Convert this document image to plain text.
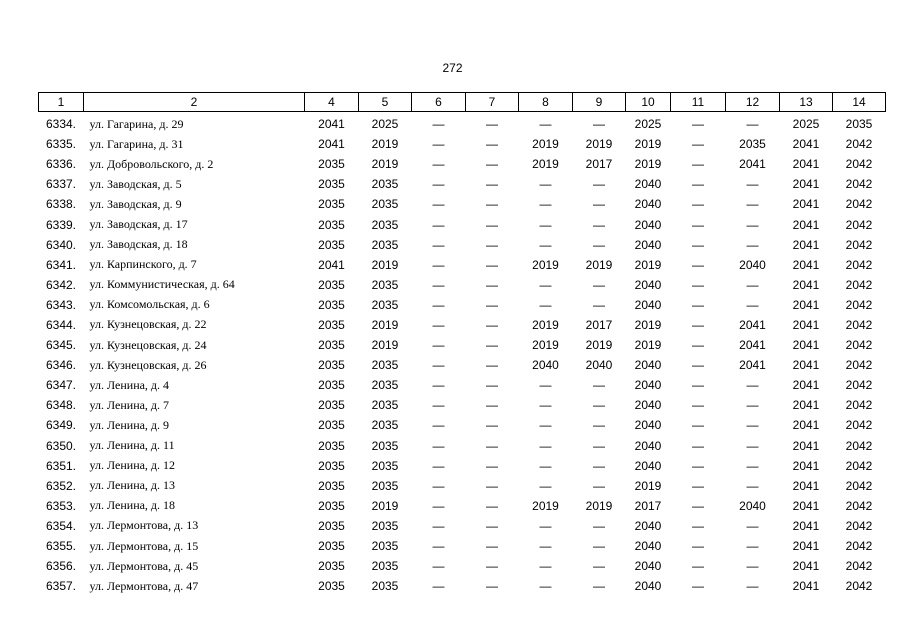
272
1	2	4	5	6	7	8	9	10	11	12	13	14
6334.	ул. Гагарина, д. 29	2041	2025	—	—	—	—	2025	—	—	2025	2035
6335.	ул. Гагарина, д. 31	2041	2019	—	—	2019	2019	2019	—	2035	2041	2042
6336.	ул. Добровольского, д. 2	2035	2019	—	—	2019	2017	2019	—	2041	2041	2042
6337.	ул. Заводская, д. 5	2035	2035	—	—	—	—	2040	—	—	2041	2042
6338.	ул. Заводская, д. 9	2035	2035	—	—	—	—	2040	—	—	2041	2042
6339.	ул. Заводская, д. 17	2035	2035	—	—	—	—	2040	—	—	2041	2042
6340.	ул. Заводская, д. 18	2035	2035	—	—	—	—	2040	—	—	2041	2042
6341.	ул. Карпинского, д. 7	2041	2019	—	—	2019	2019	2019	—	2040	2041	2042
6342.	ул. Коммунистическая, д. 64	2035	2035	—	—	—	—	2040	—	—	2041	2042
6343.	ул. Комсомольская, д. 6	2035	2035	—	—	—	—	2040	—	—	2041	2042
6344.	ул. Кузнецовская, д. 22	2035	2019	—	—	2019	2017	2019	—	2041	2041	2042
6345.	ул. Кузнецовская, д. 24	2035	2019	—	—	2019	2019	2019	—	2041	2041	2042
6346.	ул. Кузнецовская, д. 26	2035	2035	—	—	2040	2040	2040	—	2041	2041	2042
6347.	ул. Ленина, д. 4	2035	2035	—	—	—	—	2040	—	—	2041	2042
6348.	ул. Ленина, д. 7	2035	2035	—	—	—	—	2040	—	—	2041	2042
6349.	ул. Ленина, д. 9	2035	2035	—	—	—	—	2040	—	—	2041	2042
6350.	ул. Ленина, д. 11	2035	2035	—	—	—	—	2040	—	—	2041	2042
6351.	ул. Ленина, д. 12	2035	2035	—	—	—	—	2040	—	—	2041	2042
6352.	ул. Ленина, д. 13	2035	2035	—	—	—	—	2019	—	—	2041	2042
6353.	ул. Ленина, д. 18	2035	2019	—	—	2019	2019	2017	—	2040	2041	2042
6354.	ул. Лермонтова, д. 13	2035	2035	—	—	—	—	2040	—	—	2041	2042
6355.	ул. Лермонтова, д. 15	2035	2035	—	—	—	—	2040	—	—	2041	2042
6356.	ул. Лермонтова, д. 45	2035	2035	—	—	—	—	2040	—	—	2041	2042
6357.	ул. Лермонтова, д. 47	2035	2035	—	—	—	—	2040	—	—	2041	2042
